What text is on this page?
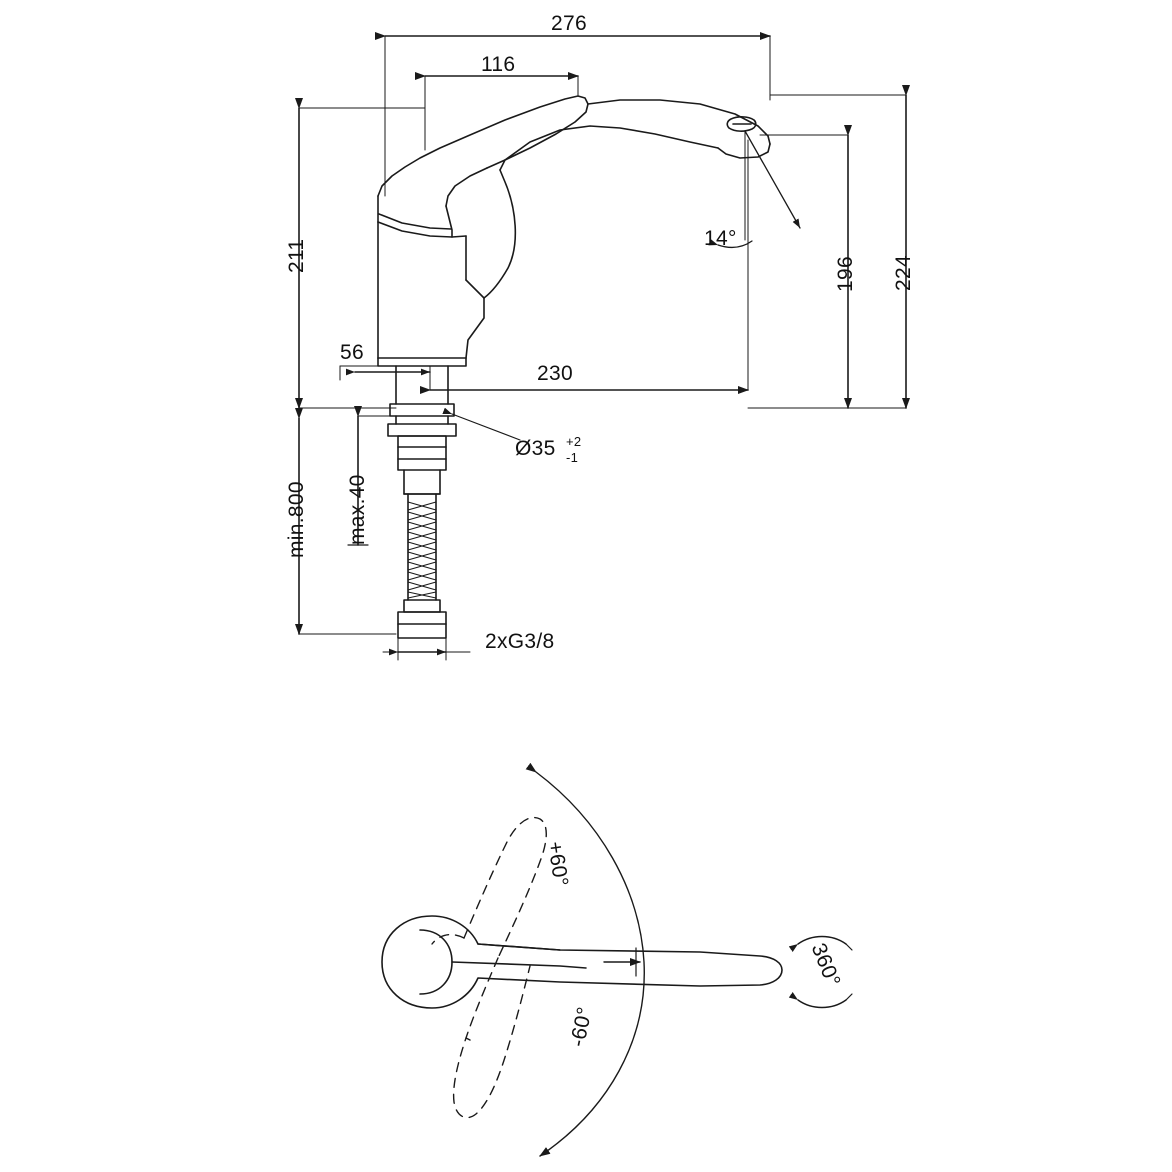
276
116
230
56
211
196 224
min.800 max.40
14°
Ø35 +2
-1
2xG3/8
+60°
-60°
360°
